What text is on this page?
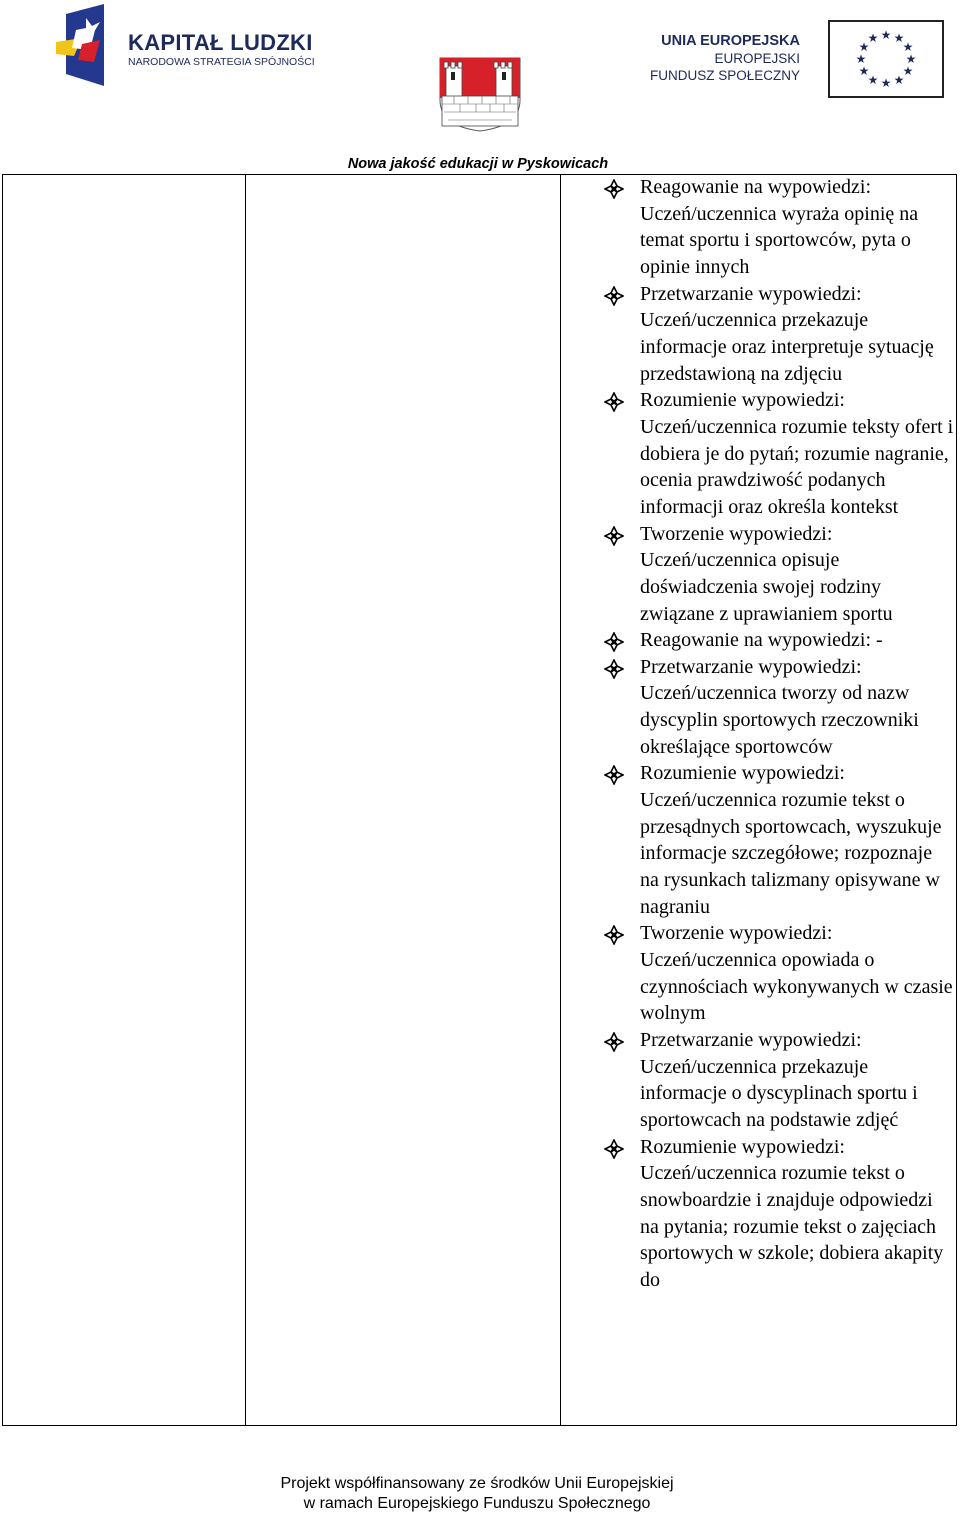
KAPITAŁ LUDZKI
NARODOWA STRATEGIA SPÓJNOŚCI
UNIA EUROPEJSKA
EUROPEJSKI
FUNDUSZ SPOŁECZNY
★ ★
★
★
★
★
★
★
★
★
★
★
Nowa jakość edukacji w Pyskowicach
Reagowanie na wypowiedzi: Uczeń/uczennica wyraża opinię na temat sportu i sportowców, pyta o opinie innych
Przetwarzanie wypowiedzi: Uczeń/uczennica przekazuje informacje oraz interpretuje sytuację przedstawioną na zdjęciu
Rozumienie wypowiedzi: Uczeń/uczennica rozumie teksty ofert i dobiera je do pytań; rozumie nagranie, ocenia prawdziwość podanych informacji oraz określa kontekst
Tworzenie wypowiedzi: Uczeń/uczennica opisuje doświadczenia swojej rodziny związane z uprawianiem sportu
Reagowanie na wypowiedzi: -
Przetwarzanie wypowiedzi: Uczeń/uczennica tworzy od nazw dyscyplin sportowych rzeczowniki określające sportowców
Rozumienie wypowiedzi: Uczeń/uczennica rozumie tekst o przesądnych sportowcach, wyszukuje informacje szczegółowe; rozpoznaje na rysunkach talizmany opisywane w nagraniu
Tworzenie wypowiedzi: Uczeń/uczennica opowiada o czynnościach wykonywanych w czasie wolnym
Przetwarzanie wypowiedzi: Uczeń/uczennica przekazuje informacje o dyscyplinach sportu i sportowcach na podstawie zdjęć
Rozumienie wypowiedzi: Uczeń/uczennica rozumie tekst o snowboardzie i znajduje odpowiedzi na pytania; rozumie tekst o zajęciach sportowych w szkole; dobiera akapity do
Projekt współfinansowany ze środków Unii Europejskiej
w ramach Europejskiego Funduszu Społecznego
